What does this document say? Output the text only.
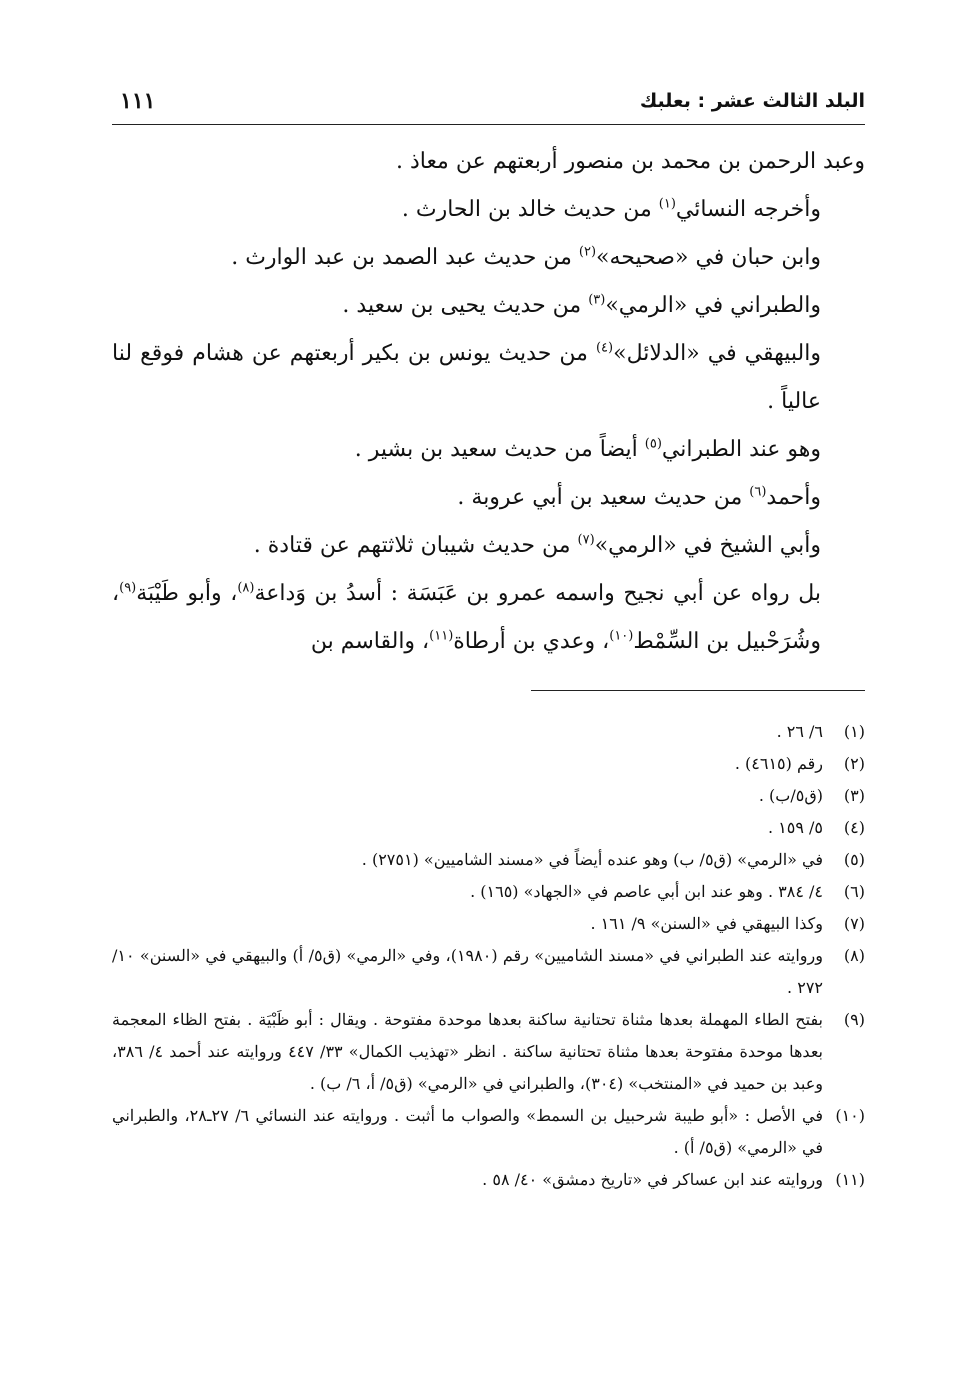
البلد الثالث عشر : بعلبك
١١١

وعبد الرحمن بن محمد بن منصور أربعتهم عن معاذ .

وأخرجه النسائي$^{(١)}$ من حديث خالد بن الحارث .

وابن حبان في «صحيحه»$^{(٢)}$ من حديث عبد الصمد بن عبد الوارث .

والطبراني في «الرمي»$^{(٣)}$ من حديث يحيى بن سعيد .

والبيهقي في «الدلائل»$^{(٤)}$ من حديث يونس بن بكير أربعتهم عن هشام فوقع لنا عالياً .

وهو عند الطبراني$^{(٥)}$ أيضاً من حديث سعيد بن بشير .

وأحمد$^{(٦)}$ من حديث سعيد بن أبي عروبة .

وأبي الشيخ في «الرمي»$^{(٧)}$ من حديث شيبان ثلاثتهم عن قتادة .

بل رواه عن أبي نجيح واسمه عمرو بن عَبَسَة : أسدُ بن وَداعة$^{(٨)}$، وأبو طَيْبَة$^{(٩)}$، وشُرَحْبيل بن السِّمْط$^{(١٠)}$، وعدي بن أرطاة$^{(١١)}$، والقاسم بن

(١)
٦/ ٢٦ .
(٢)
رقم (٤٦١٥) .
(٣)
(ق٥/ب) .
(٤)
٥/ ١٥٩ .
(٥)
في «الرمي» (ق٥/ ب) وهو عنده أيضاً في «مسند الشاميين» (٢٧٥١) .
(٦)
٤/ ٣٨٤ . وهو عند ابن أبي عاصم في «الجهاد» (١٦٥) .
(٧)
وكذا البيهقي في «السنن» ٩/ ١٦١ .
(٨)
وروايته عند الطبراني في «مسند الشاميين» رقم (١٩٨٠)، وفي «الرمي» (ق٥/ أ) والبيهقي في «السنن» ١٠/ ٢٧٢ .
(٩)
بفتح الطاء المهملة بعدها مثناة تحتانية ساكنة بعدها موحدة مفتوحة . ويقال : أبو ظَبْيَة . بفتح الظاء المعجمة بعدها موحدة مفتوحة بعدها مثناة تحتانية ساكنة . انظر «تهذيب الكمال» ٣٣/ ٤٤٧ وروايته عند أحمد ٤/ ٣٨٦، وعبد بن حميد في «المنتخب» (٣٠٤)، والطبراني في «الرمي» (ق٥/ أ، ٦/ ب) .
(١٠)
في الأصل : «أبو طيبة شرحبيل بن السمط» والصواب ما أثبت . وروايته عند النسائي ٦/ ٢٧ـ٢٨، والطبراني في «الرمي» (ق٥/ أ) .
(١١)
وروايته عند ابن عساكر في «تاريخ دمشق» ٤٠/ ٥٨ .
